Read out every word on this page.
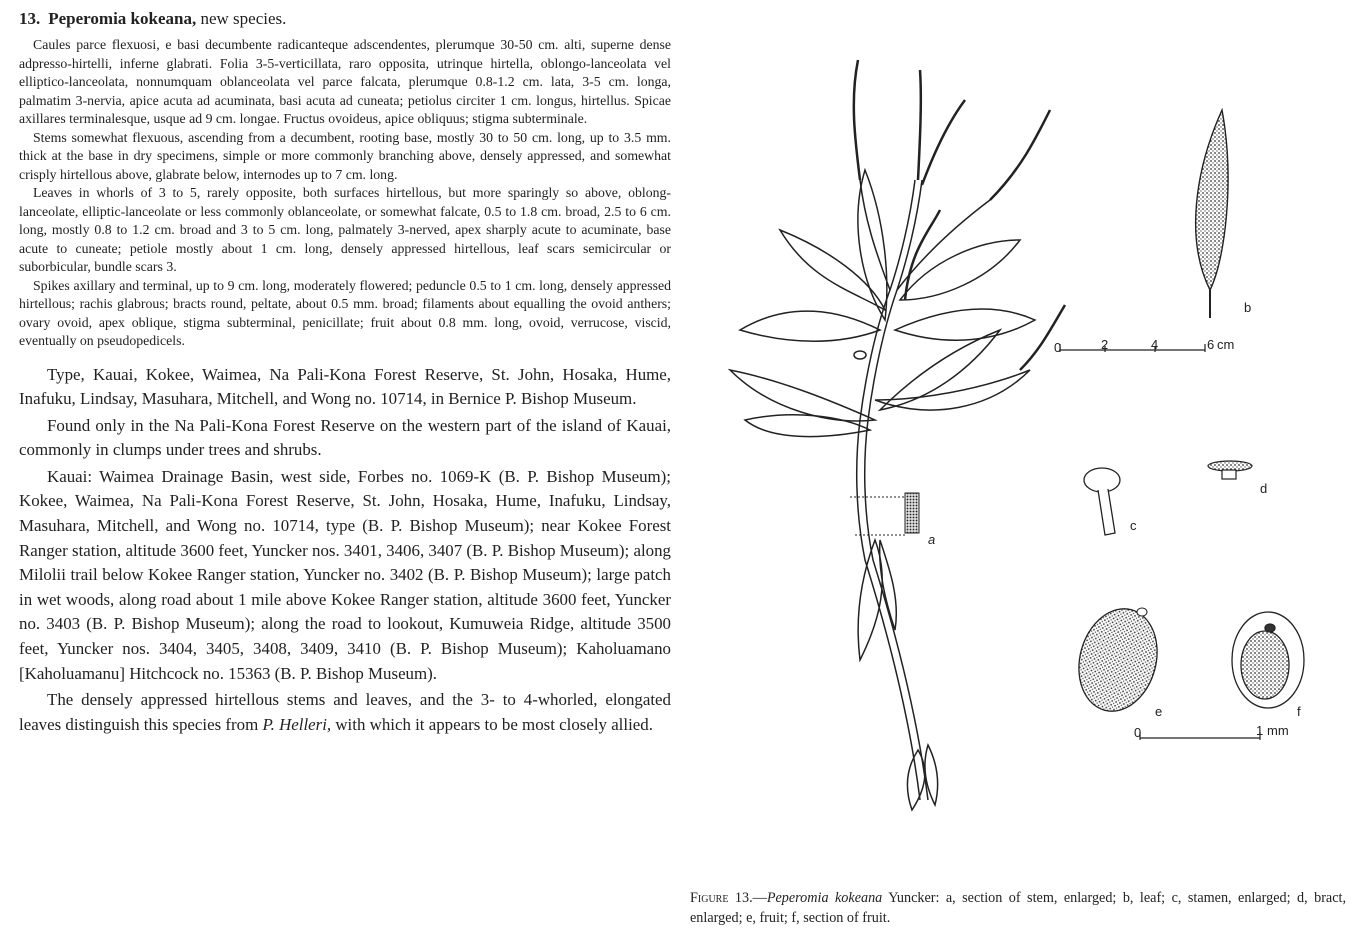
13. Peperomia kokeana, new species.

Caules parce flexuosi, e basi decumbente radicanteque adscendentes, plerumque 30-50 cm. alti, superne dense adpresso-hirtelli, inferne glabrati. Folia 3-5-verticillata, raro opposita, utrinque hirtella, oblongo-lanceolata vel elliptico-lanceolata, nonnumquam oblanceolata vel parce falcata, plerumque 0.8-1.2 cm. lata, 3-5 cm. longa, palmatim 3-nervia, apice acuta ad acuminata, basi acuta ad cuneata; petiolus circiter 1 cm. longus, hirtellus. Spicae axillares terminalesque, usque ad 9 cm. longae. Fructus ovoideus, apice obliquus; stigma subterminale.

Stems somewhat flexuous, ascending from a decumbent, rooting base, mostly 30 to 50 cm. long, up to 3.5 mm. thick at the base in dry specimens, simple or more commonly branching above, densely appressed, and somewhat crisply hirtellous above, glabrate below, internodes up to 7 cm. long.

Leaves in whorls of 3 to 5, rarely opposite, both surfaces hirtellous, but more sparingly so above, oblong-lanceolate, elliptic-lanceolate or less commonly oblanceolate, or somewhat falcate, 0.5 to 1.8 cm. broad, 2.5 to 6 cm. long, mostly 0.8 to 1.2 cm. broad and 3 to 5 cm. long, palmately 3-nerved, apex sharply acute to acuminate, base acute to cuneate; petiole mostly about 1 cm. long, densely appressed hirtellous, leaf scars semicircular or suborbicular, bundle scars 3.

Spikes axillary and terminal, up to 9 cm. long, moderately flowered; peduncle 0.5 to 1 cm. long, densely appressed hirtellous; rachis glabrous; bracts round, peltate, about 0.5 mm. broad; filaments about equalling the ovoid anthers; ovary ovoid, apex oblique, stigma subterminal, penicillate; fruit about 0.8 mm. long, ovoid, verrucose, viscid, eventually on pseudopedicels.

Type, Kauai, Kokee, Waimea, Na Pali-Kona Forest Reserve, St. John, Hosaka, Hume, Inafuku, Lindsay, Masuhara, Mitchell, and Wong no. 10714, in Bernice P. Bishop Museum.

Found only in the Na Pali-Kona Forest Reserve on the western part of the island of Kauai, commonly in clumps under trees and shrubs.

Kauai: Waimea Drainage Basin, west side, Forbes no. 1069-K (B. P. Bishop Museum); Kokee, Waimea, Na Pali-Kona Forest Reserve, St. John, Hosaka, Hume, Inafuku, Lindsay, Masuhara, Mitchell, and Wong no. 10714, type (B. P. Bishop Museum); near Kokee Forest Ranger station, altitude 3600 feet, Yuncker nos. 3401, 3406, 3407 (B. P. Bishop Museum); along Milolii trail below Kokee Ranger station, Yuncker no. 3402 (B. P. Bishop Museum); large patch in wet woods, along road about 1 mile above Kokee Ranger station, altitude 3600 feet, Yuncker no. 3403 (B. P. Bishop Museum); along the road to lookout, Kumuweia Ridge, altitude 3500 feet, Yuncker nos. 3404, 3405, 3408, 3409, 3410 (B. P. Bishop Museum); Kaholuamano [Kaholuamanu] Hitchcock no. 15363 (B. P. Bishop Museum).

The densely appressed hirtellous stems and leaves, and the 3- to 4-whorled, elongated leaves distinguish this species from P. Helleri, with which it appears to be most closely allied.

a
b
0	2	4	6 cm
c
d
e	f
0	1 mm
Figure 13.—Peperomia kokeana Yuncker: a, section of stem, enlarged; b, leaf; c, stamen, enlarged; d, bract, enlarged; e, fruit; f, section of fruit.
